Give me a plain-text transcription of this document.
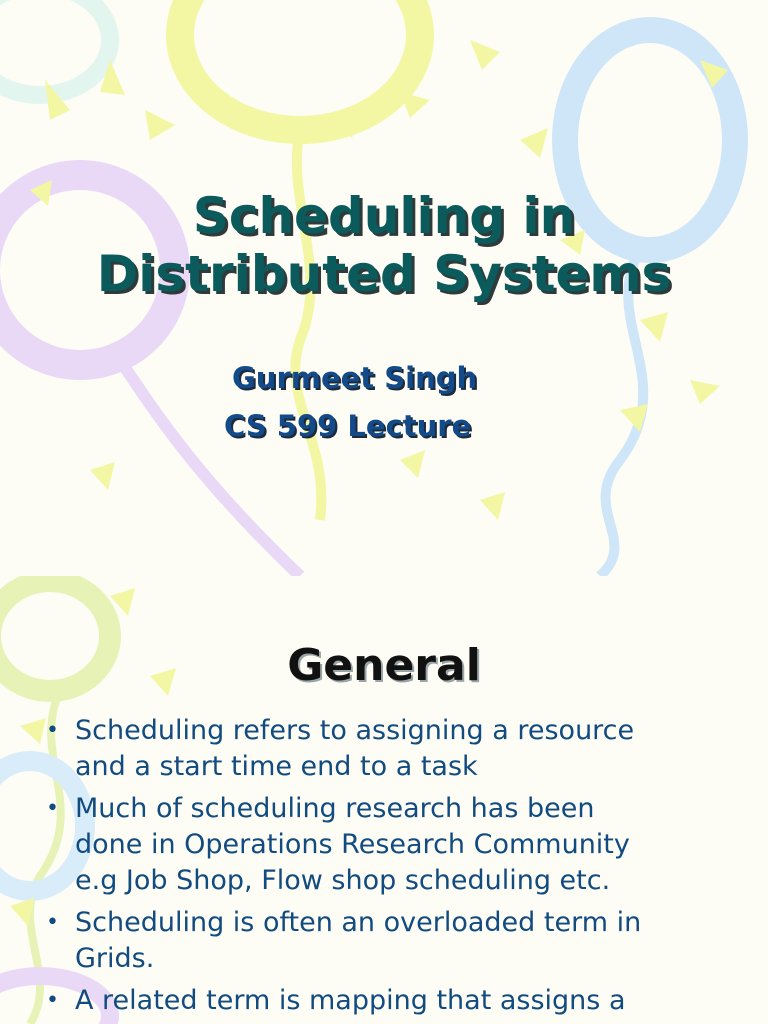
Scheduling in
Distributed Systems

Gurmeet Singh

CS 599 Lecture

General
• Scheduling refers to assigning a resource
and a start time end to a task
• Much of scheduling research has been
done in Operations Research Community
e.g Job Shop, Flow shop scheduling etc.
• Scheduling is often an overloaded term in
Grids.
• A related term is mapping that assigns a
